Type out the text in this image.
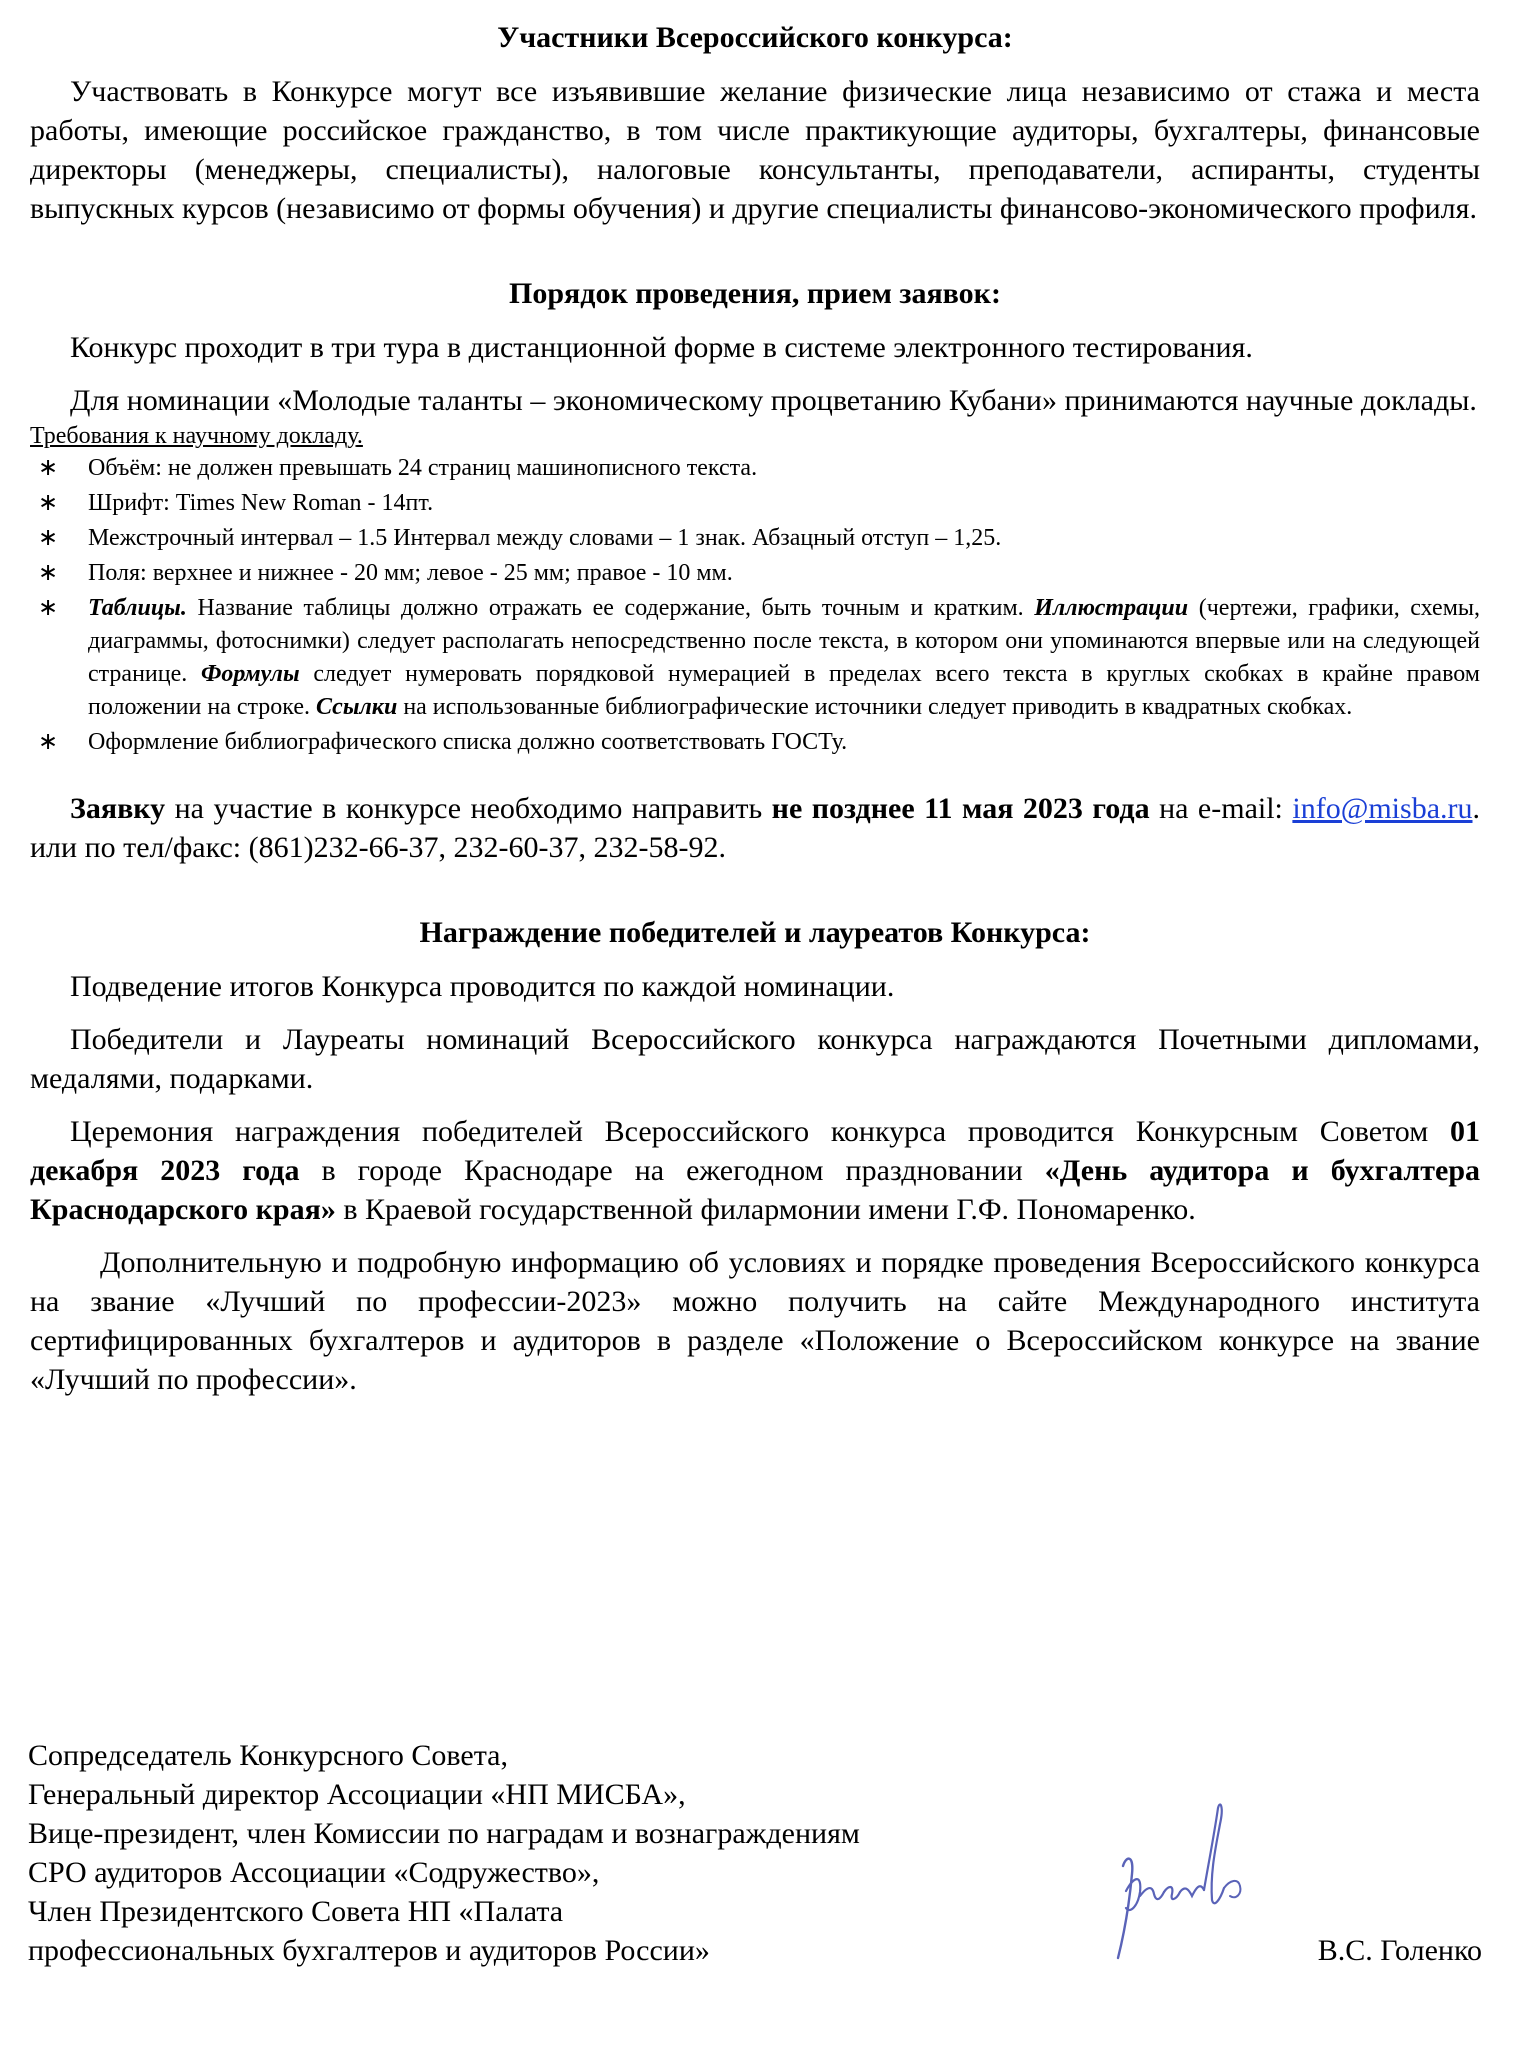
Участники Всероссийского конкурса:

Участвовать в Конкурсе могут все изъявившие желание физические лица независимо от стажа и места работы, имеющие российское гражданство, в том числе практикующие аудиторы, бухгалтеры, финансовые директоры (менеджеры, специалисты), налоговые консультанты, преподаватели, аспиранты, студенты выпускных курсов (независимо от формы обучения) и другие специалисты финансово-экономического профиля.

Порядок проведения, прием заявок:

Конкурс проходит в три тура в дистанционной форме в системе электронного тестирования.

Для номинации «Молодые таланты – экономическому процветанию Кубани» принимаются научные доклады.

Требования к научному докладу.

∗ Объём: не должен превышать 24 страниц машинописного текста.
∗ Шрифт: Times New Roman - 14пт.
∗ Межстрочный интервал – 1.5 Интервал между словами – 1 знак. Абзацный отступ – 1,25.
∗ Поля: верхнее и нижнее - 20 мм; левое - 25 мм; правое - 10 мм.
∗ Таблицы. Название таблицы должно отражать ее содержание, быть точным и кратким. Иллюстрации (чертежи, графики, схемы, диаграммы, фотоснимки) следует располагать непосредственно после текста, в котором они упоминаются впервые или на следующей странице. Формулы следует нумеровать порядковой нумерацией в пределах всего текста в круглых скобках в крайне правом положении на строке. Ссылки на использованные библиографические источники следует приводить в квадратных скобках.
∗ Оформление библиографического списка должно соответствовать ГОСТу.

Заявку на участие в конкурсе необходимо направить не позднее 11 мая 2023 года на e-mail: info@misba.ru. или по тел/факс: (861)232-66-37, 232-60-37, 232-58-92.

Награждение победителей и лауреатов Конкурса:

Подведение итогов Конкурса проводится по каждой номинации.

Победители и Лауреаты номинаций Всероссийского конкурса награждаются Почетными дипломами, медалями, подарками.

Церемония награждения победителей Всероссийского конкурса проводится Конкурсным Советом 01 декабря 2023 года в городе Краснодаре на ежегодном праздновании «День аудитора и бухгалтера Краснодарского края» в Краевой государственной филармонии имени Г.Ф. Пономаренко.

Дополнительную и подробную информацию об условиях и порядке проведения Всероссийского конкурса на звание «Лучший по профессии-2023» можно получить на сайте Международного института сертифицированных бухгалтеров и аудиторов в разделе «Положение о Всероссийском конкурсе на звание «Лучший по профессии».

Сопредседатель Конкурсного Совета,
Генеральный директор Ассоциации «НП МИСБА»,
Вице-президент, член Комиссии по наградам и вознаграждениям
СРО аудиторов Ассоциации «Содружество»,
Член Президентского Совета НП «Палата
профессиональных бухгалтеров и аудиторов России»	В.С. Голенко
